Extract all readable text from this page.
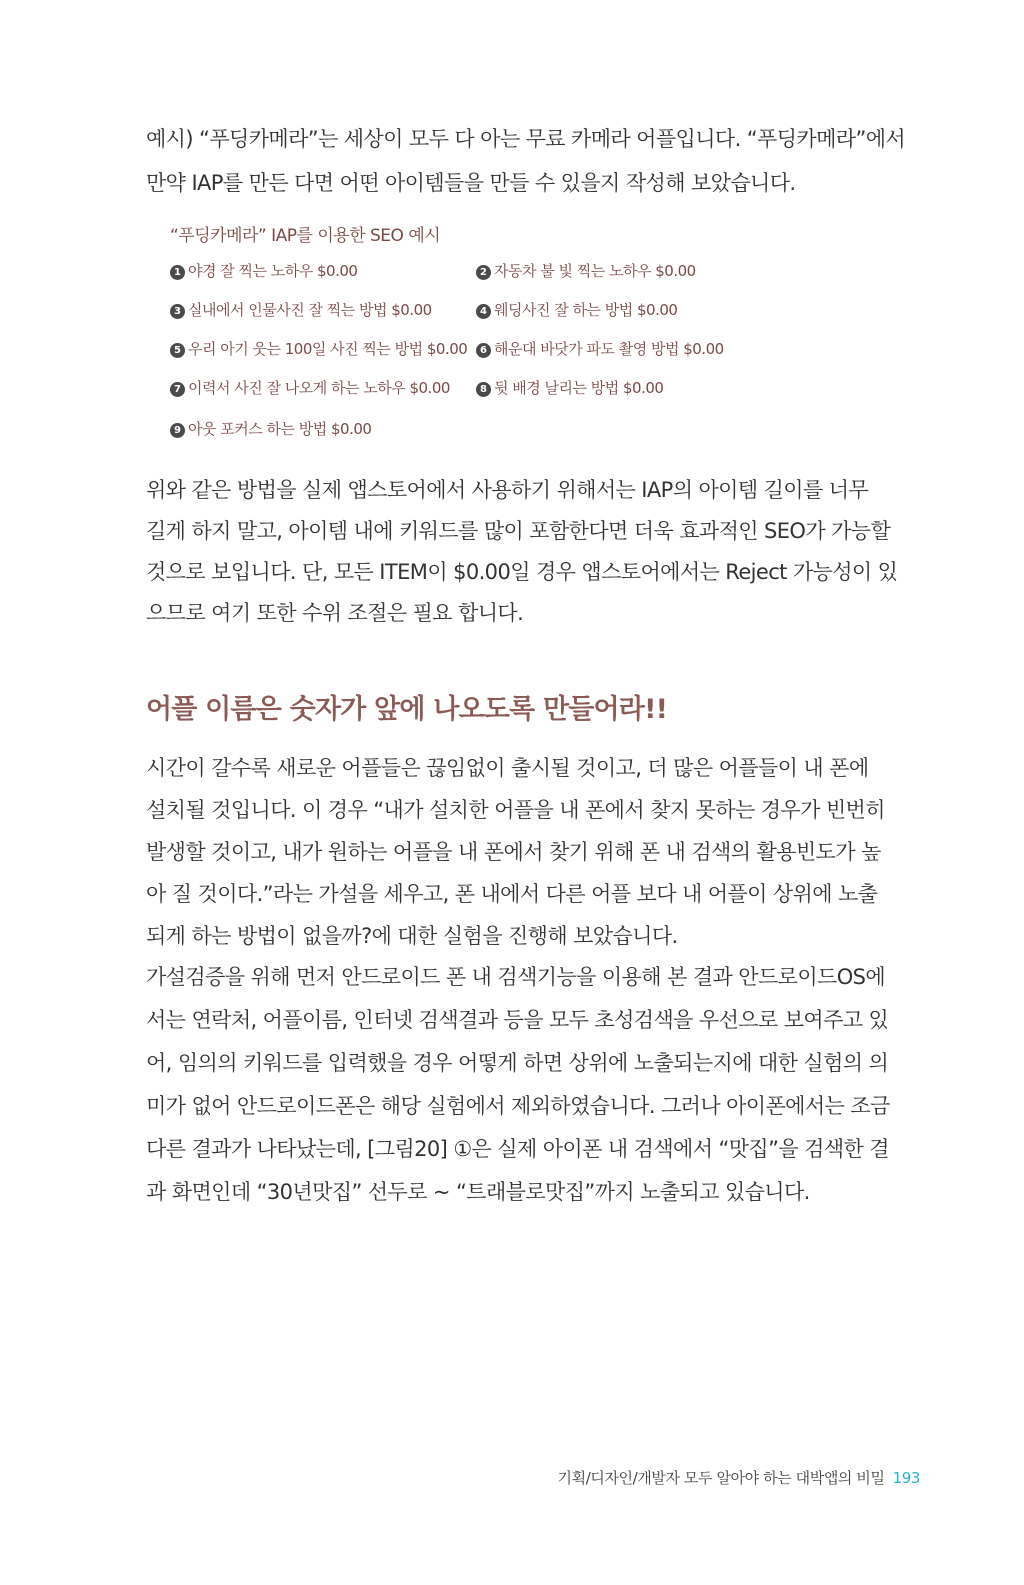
예시) “푸딩카메라”는 세상이 모두 다 아는 무료 카메라 어플입니다. “푸딩카메라”에서
만약 IAP를 만든 다면 어떤 아이템들을 만들 수 있을지 작성해 보았습니다.
“푸딩카메라” IAP를 이용한 SEO 예시
1 야경 잘 찍는 노하우 $0.00	2 자동차 불 빛 찍는 노하우 $0.00
3 실내에서 인물사진 잘 찍는 방법 $0.00	4 웨딩사진 잘 하는 방법 $0.00
5 우리 아기 웃는 100일 사진 찍는 방법 $0.00	6 해운대 바닷가 파도 촬영 방법 $0.00
7 이력서 사진 잘 나오게 하는 노하우 $0.00	8 뒷 배경 날리는 방법 $0.00
9 아웃 포커스 하는 방법 $0.00
위와 같은 방법을 실제 앱스토어에서 사용하기 위해서는 IAP의 아이템 길이를 너무
길게 하지 말고, 아이템 내에 키워드를 많이 포함한다면 더욱 효과적인 SEO가 가능할
것으로 보입니다. 단, 모든 ITEM이 $0.00일 경우 앱스토어에서는 Reject 가능성이 있
으므로 여기 또한 수위 조절은 필요 합니다.
어플 이름은 숫자가 앞에 나오도록 만들어라!!
시간이 갈수록 새로운 어플들은 끊임없이 출시될 것이고, 더 많은 어플들이 내 폰에
설치될 것입니다. 이 경우 “내가 설치한 어플을 내 폰에서 찾지 못하는 경우가 빈번히
발생할 것이고, 내가 원하는 어플을 내 폰에서 찾기 위해 폰 내 검색의 활용빈도가 높
아 질 것이다.”라는 가설을 세우고, 폰 내에서 다른 어플 보다 내 어플이 상위에 노출
되게 하는 방법이 없을까?에 대한 실험을 진행해 보았습니다.
가설검증을 위해 먼저 안드로이드 폰 내 검색기능을 이용해 본 결과 안드로이드OS에
서는 연락처, 어플이름, 인터넷 검색결과 등을 모두 초성검색을 우선으로 보여주고 있
어, 임의의 키워드를 입력했을 경우 어떻게 하면 상위에 노출되는지에 대한 실험의 의
미가 없어 안드로이드폰은 해당 실험에서 제외하였습니다. 그러나 아이폰에서는 조금
다른 결과가 나타났는데, [그림20] ①은 실제 아이폰 내 검색에서 “맛집”을 검색한 결
과 화면인데 “30년맛집” 선두로 ~ “트래블로맛집”까지 노출되고 있습니다.
기획/디자인/개발자 모두 알아야 하는 대박앱의 비밀 193
